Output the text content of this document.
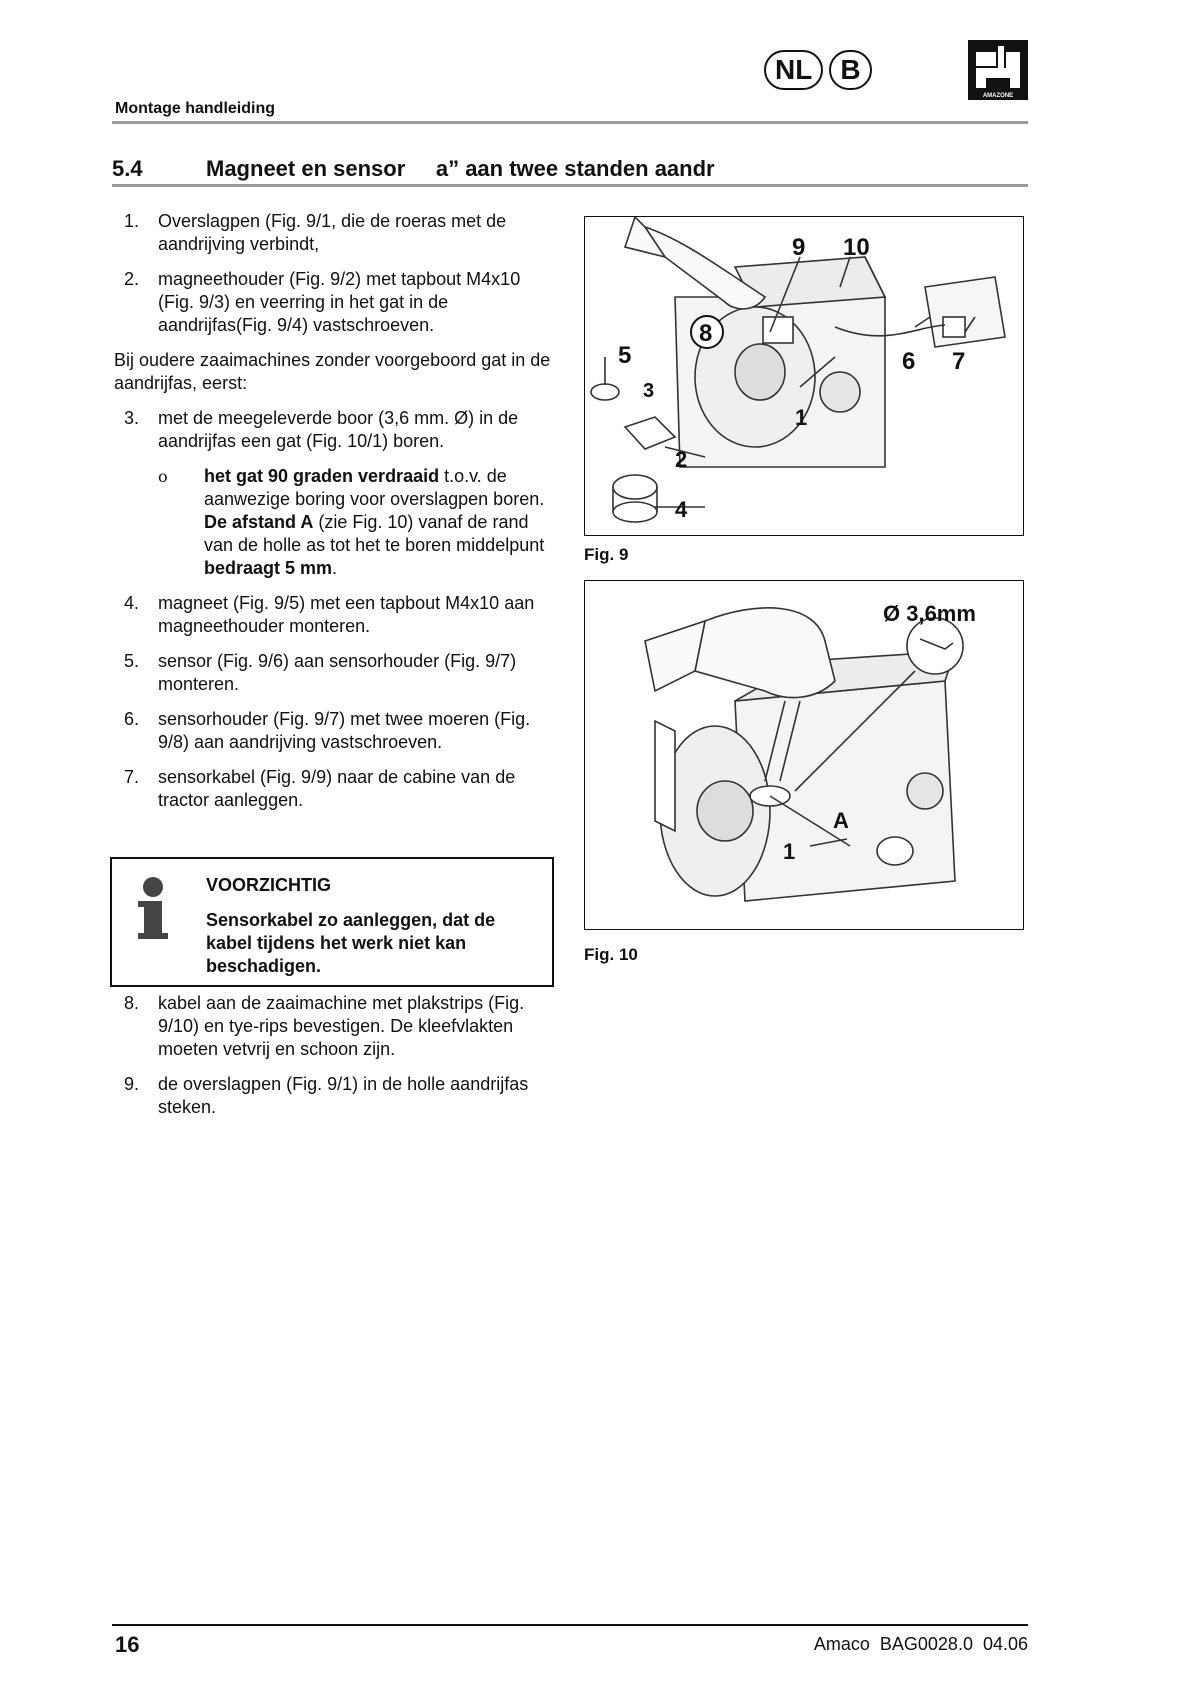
NL	B
AMAZONE
Montage handleiding
5.4	Magneet en sensor     a” aan twee standen aandr
1.	Overslagpen (Fig. 9/1, die de roeras met de aandrijving verbindt,
2.	magneethouder (Fig. 9/2) met tapbout M4x10 (Fig. 9/3) en veerring in het gat in de aandrijfas(Fig. 9/4) vastschroeven.

Bij oudere zaaimachines zonder voorgeboord gat in de aandrijfas, eerst:

3.	met de meegeleverde boor (3,6 mm. Ø) in de aandrijfas een gat (Fig. 10/1) boren.
o	het gat 90 graden verdraaid t.o.v. de aanwezige boring voor overslagpen boren.
De afstand A (zie Fig. 10) vanaf de rand van de holle as tot het te boren middelpunt bedraagt 5 mm.
4.	magneet (Fig. 9/5) met een tapbout M4x10 aan magneethouder monteren.
5.	sensor (Fig. 9/6) aan sensorhouder (Fig. 9/7) monteren.
6.	sensorhouder (Fig. 9/7) met twee moeren (Fig. 9/8) aan aandrijving vastschroeven.
7.	sensorkabel (Fig. 9/9) naar de cabine van de tractor aanleggen.
VOORZICHTIG
Sensorkabel zo aanleggen, dat de kabel tijdens het werk niet kan beschadigen.
8.	kabel aan de zaaimachine met plakstrips (Fig. 9/10) en tye-rips bevestigen. De kleefvlakten moeten vetvrij en schoon zijn.
9.	de overslagpen (Fig. 9/1) in de holle aandrijfas steken.
9 10
8
5
3
6 7
1
2
4
Fig. 9
Ø 3,6mm
A
1
Fig. 10
16	Amaco  BAG0028.0  04.06
